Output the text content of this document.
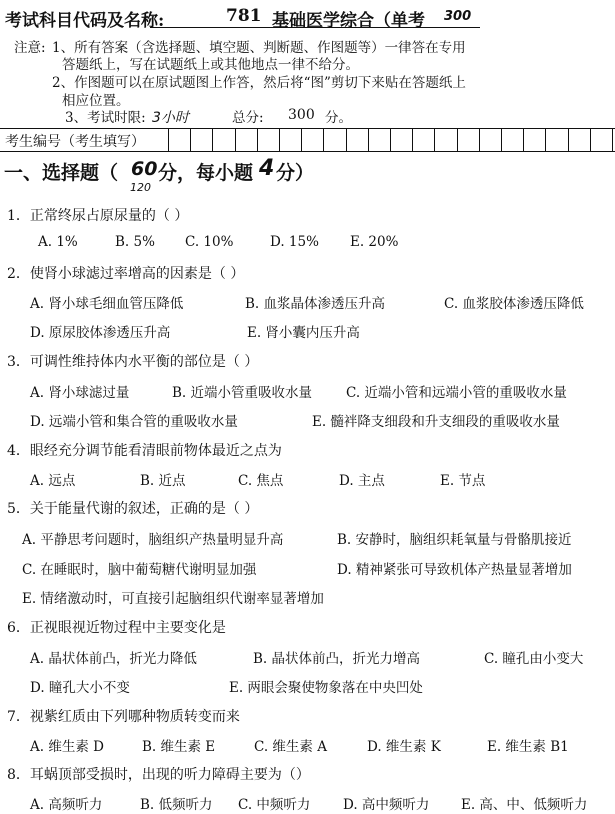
考试科目代码及名称:	781 基础医学综合（单考 300
注意: 1、所有答案（含选择题、填空题、判断题、作图题等）一律答在专用
答题纸上，写在试题纸上或其他地点一律不给分。
2、作图题可以在原试题图上作答，然后将“图”剪切下来贴在答题纸上
相应位置。
3、考试时限: 3小时	总分: 300 分。
考生编号（考生填写）
一、选择题（ 60 分，每小题 4 分）
120
1．正常终尿占原尿量的（ ）
A. 1%	B. 5% C. 10%	D. 15% E. 20%
2．使肾小球滤过率增高的因素是（ ）
A. 肾小球毛细血管压降低	B. 血浆晶体渗透压升高	C. 血浆胶体渗透压降低
D. 原尿胶体渗透压升高	E. 肾小囊内压升高
3．可调性维持体内水平衡的部位是（ ）
A. 肾小球滤过量	B. 近端小管重吸收水量	C. 近端小管和远端小管的重吸收水量
D. 远端小管和集合管的重吸收水量	E. 髓袢降支细段和升支细段的重吸收水量
4．眼经充分调节能看清眼前物体最近之点为
A. 远点	B. 近点	C. 焦点	D. 主点	E. 节点
5．关于能量代谢的叙述，正确的是（ ）
A. 平静思考问题时，脑组织产热量明显升高	B. 安静时，脑组织耗氧量与骨骼肌接近
C. 在睡眠时，脑中葡萄糖代谢明显加强	D. 精神紧张可导致机体产热量显著增加
E. 情绪激动时，可直接引起脑组织代谢率显著增加
6．正视眼视近物过程中主要变化是
A. 晶状体前凸，折光力降低	B. 晶状体前凸，折光力增高	C. 瞳孔由小变大
D. 瞳孔大小不变	E. 两眼会聚使物象落在中央凹处
7．视紫红质由下列哪种物质转变而来
A. 维生素 D	B. 维生素 E	C. 维生素 A	D. 维生素 K	E. 维生素 B1
8．耳蜗顶部受损时，出现的听力障碍主要为（）
A. 高频听力	B. 低频听力 C. 中频听力 D. 高中频听力 E. 高、中、低频听力
